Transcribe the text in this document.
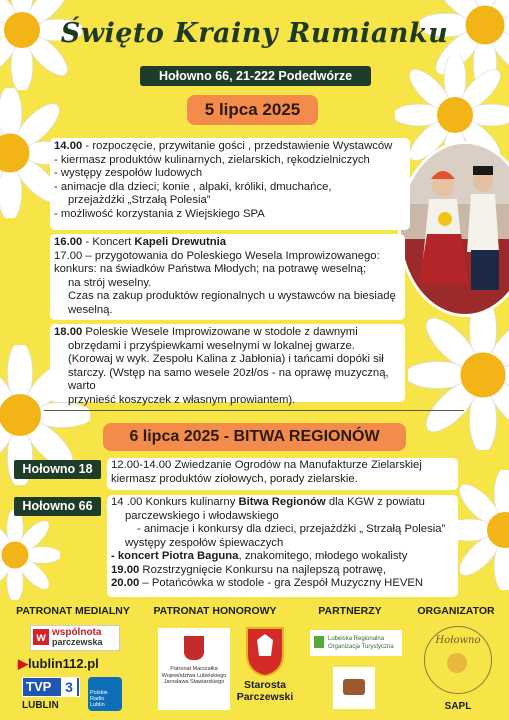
Święto Krainy Rumianku
Hołowno 66, 21-222 Podedwórze
5 lipca 2025

14.00 - rozpoczęcie, przywitanie gości , przedstawienie Wystawców

- kiermasz produktów kulinarnych, zielarskich, rękodzielniczych

- występy zespołów ludowych

- animacje dla dzieci; konie , alpaki, króliki, dmuchańce,

przejażdżki „Strzałą Polesia”

- możliwość korzystania z Wiejskiego SPA

16.00 - Koncert Kapeli Drewutnia

17.00 – przygotowania do Poleskiego Wesela Improwizowanego:

konkurs: na świadków Państwa Młodych; na potrawę weselną;

na strój weselny.

Czas na zakup produktów regionalnych u wystawców na biesiadę

weselną.

18.00 Poleskie Wesele Improwizowane w stodole z dawnymi

obrzędami i przyśpiewkami weselnymi w lokalnej gwarze.

(Korowaj w wyk. Zespołu Kalina z Jabłonia) i tańcami dopóki sił

starczy. (Wstęp na samo wesele 20zł/os - na oprawę muzyczną, warto

przynieść koszyczek z własnym prowiantem).

6 lipca 2025 - BITWA REGIONÓW
Hołowno 18	12.00-14.00 Zwiedzanie Ogrodów na Manufakturze Zielarskiej

kiermasz produktów ziołowych, porady zielarskie.

Hołowno 66	14 .00 Konkurs kulinarny Bitwa Regionów dla KGW z powiatu

parczewskiego i włodawskiego

- animacje i konkursy dla dzieci, przejażdżki „ Strzałą Polesia”

występy zespołów śpiewaczych

- koncert Piotra Baguna, znakomitego, młodego wokalisty

19.00 Rozstrzygnięcie Konkursu na najlepszą potrawę,

20.00 – Potańcówka w stodole - gra Zespół Muzyczny HEVEN

PATRONAT MEDIALNY	PATRONAT HONOROWY	PARTNERZY	ORGANIZATOR
w wspólnota
parczewska
▶lublin112.pl
TVP 3
LUBLIN
Polskie Radio Lublin
Patronat Marszałka Województwa Lubelskiego Jarosława Stawiarskiego	Starosta
Parczewski
Lubelska Regionalna
Organizacja Turystyczna
Hołowno
SAPL
